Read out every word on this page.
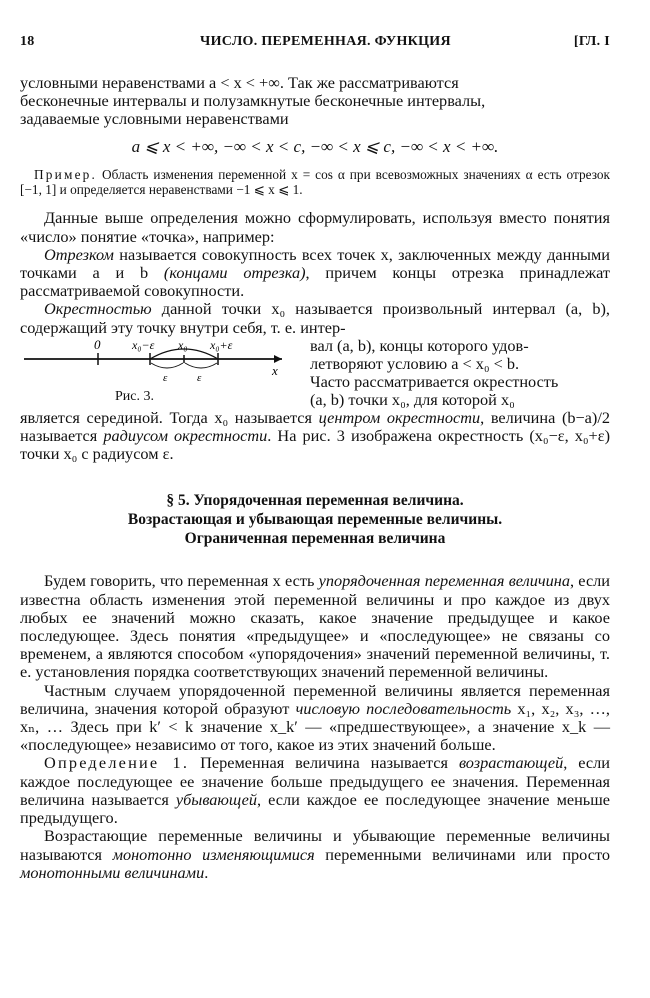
18	ЧИСЛО. ПЕРЕМЕННАЯ. ФУНКЦИЯ	[ГЛ. I

условными неравенствами a < x < +∞. Так же рассматриваются
бесконечные интервалы и полузамкнутые бесконечные интервалы,
задаваемые условными неравенствами

a ⩽ x < +∞, −∞ < x < c, −∞ < x ⩽ c, −∞ < x < +∞.

Пример. Область изменения переменной x = cos α при всевозможных значениях α есть отрезок [−1, 1] и определяется неравенствами −1 ⩽ x ⩽ 1.

Данные выше определения можно сформулировать, используя вместо понятия «число» понятие «точка», например:

Отрезком называется совокупность всех точек x, заключенных между данными точками a и b (концами отрезка), причем концы отрезка принадлежат рассматриваемой совокупности.

Окрестностью данной точки x₀ называется произвольный интервал (a, b), содержащий эту точку внутри себя, т. е. интер-

0	x₀−ε x₀ x₀+ε
x
ε	ε
Рис. 3.

вал (a, b), концы которого удов-

летворяют условию a < x₀ < b.

Часто рассматривается окрестность

(a, b) точки x₀, для которой x₀

является серединой. Тогда x₀ называется центром окрестности, величина (b−a)/2 называется радиусом окрестности. На рис. 3 изображена окрестность (x₀−ε, x₀+ε) точки x₀ с радиусом ε.

§ 5. Упорядоченная переменная величина.
Возрастающая и убывающая переменные величины.
Ограниченная переменная величина

Будем говорить, что переменная x есть упорядоченная переменная величина, если известна область изменения этой переменной величины и про каждое из двух любых ее значений можно сказать, какое значение предыдущее и какое последующее. Здесь понятия «предыдущее» и «последующее» не связаны со временем, а являются способом «упорядочения» значений переменной величины, т. е. установления порядка соответствующих значений переменной величины.

Частным случаем упорядоченной переменной величины является переменная величина, значения которой образуют числовую последовательность x₁, x₂, x₃, …, xₙ, … Здесь при k′ < k значение x_k′ — «предшествующее», а значение x_k — «последующее» независимо от того, какое из этих значений больше.

Определение 1. Переменная величина называется возрастающей, если каждое последующее ее значение больше предыдущего ее значения. Переменная величина называется убывающей, если каждое ее последующее значение меньше предыдущего.

Возрастающие переменные величины и убывающие переменные величины называются монотонно изменяющимися переменными величинами или просто монотонными величинами.
